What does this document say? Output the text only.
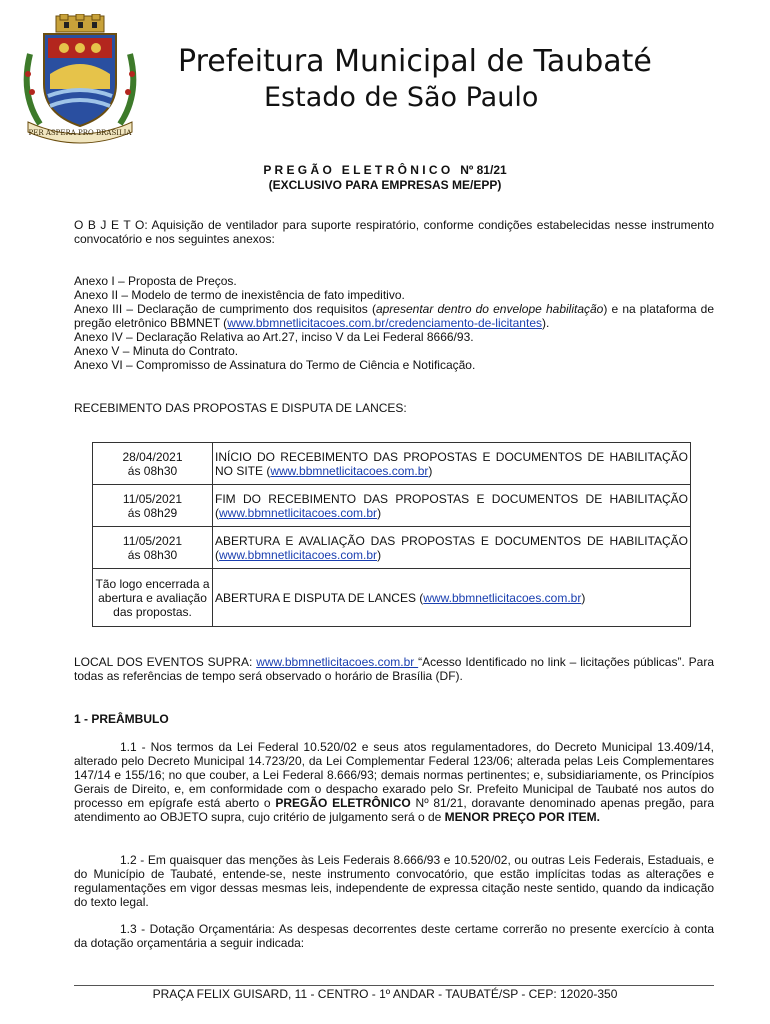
PER ASPERA PRO BRASILIA
Prefeitura Municipal de Taubaté
Estado de São Paulo
P R E G Ã O   E L E T R Ô N I C O   Nº 81/21
(EXCLUSIVO PARA EMPRESAS ME/EPP)
O B J E T O: Aquisição de ventilador para suporte respiratório, conforme condições estabelecidas nesse instrumento convocatório e nos seguintes anexos:
Anexo I – Proposta de Preços.
Anexo II – Modelo de termo de inexistência de fato impeditivo.
Anexo III – Declaração de cumprimento dos requisitos (apresentar dentro do envelope habilitação) e na plataforma de pregão eletrônico BBMNET (www.bbmnetlicitacoes.com.br/credenciamento-de-licitantes).
Anexo IV – Declaração Relativa ao Art.27, inciso V da Lei Federal 8666/93.
Anexo V – Minuta do Contrato.
Anexo VI – Compromisso de Assinatura do Termo de Ciência e Notificação.
RECEBIMENTO DAS PROPOSTAS E DISPUTA DE LANCES:
28/04/2021
ás 08h30	INÍCIO DO RECEBIMENTO DAS PROPOSTAS E DOCUMENTOS DE HABILITAÇÃO NO SITE (www.bbmnetlicitacoes.com.br)

11/05/2021
ás 08h29	FIM DO RECEBIMENTO DAS PROPOSTAS E DOCUMENTOS DE HABILITAÇÃO (www.bbmnetlicitacoes.com.br)

11/05/2021
ás 08h30	ABERTURA E AVALIAÇÃO DAS PROPOSTAS E DOCUMENTOS DE HABILITAÇÃO (www.bbmnetlicitacoes.com.br)

Tão logo encerrada a abertura e avaliação das propostas.	ABERTURA E DISPUTA DE LANCES (www.bbmnetlicitacoes.com.br)
LOCAL DOS EVENTOS SUPRA: www.bbmnetlicitacoes.com.br “Acesso Identificado no link – licitações públicas”. Para todas as referências de tempo será observado o horário de Brasília (DF).
1 - PREÂMBULO
1.1 - Nos termos da Lei Federal 10.520/02 e seus atos regulamentadores, do Decreto Municipal 13.409/14, alterado pelo Decreto Municipal 14.723/20, da Lei Complementar Federal 123/06; alterada pelas Leis Complementares 147/14 e 155/16; no que couber, a Lei Federal 8.666/93; demais normas pertinentes; e, subsidiariamente, os Princípios Gerais de Direito, e, em conformidade com o despacho exarado pelo Sr. Prefeito Municipal de Taubaté nos autos do processo em epígrafe está aberto o PREGÃO ELETRÔNICO Nº 81/21, doravante denominado apenas pregão, para atendimento ao OBJETO supra, cujo critério de julgamento será o de MENOR PREÇO POR ITEM.
1.2 - Em quaisquer das menções às Leis Federais 8.666/93 e 10.520/02, ou outras Leis Federais, Estaduais, e do Município de Taubaté, entende-se, neste instrumento convocatório, que estão implícitas todas as alterações e regulamentações em vigor dessas mesmas leis, independente de expressa citação neste sentido, quando da indicação do texto legal.
1.3 - Dotação Orçamentária: As despesas decorrentes deste certame correrão no presente exercício à conta da dotação orçamentária a seguir indicada:
PRAÇA FELIX GUISARD, 11 - CENTRO - 1º ANDAR - TAUBATÉ/SP - CEP: 12020-350
